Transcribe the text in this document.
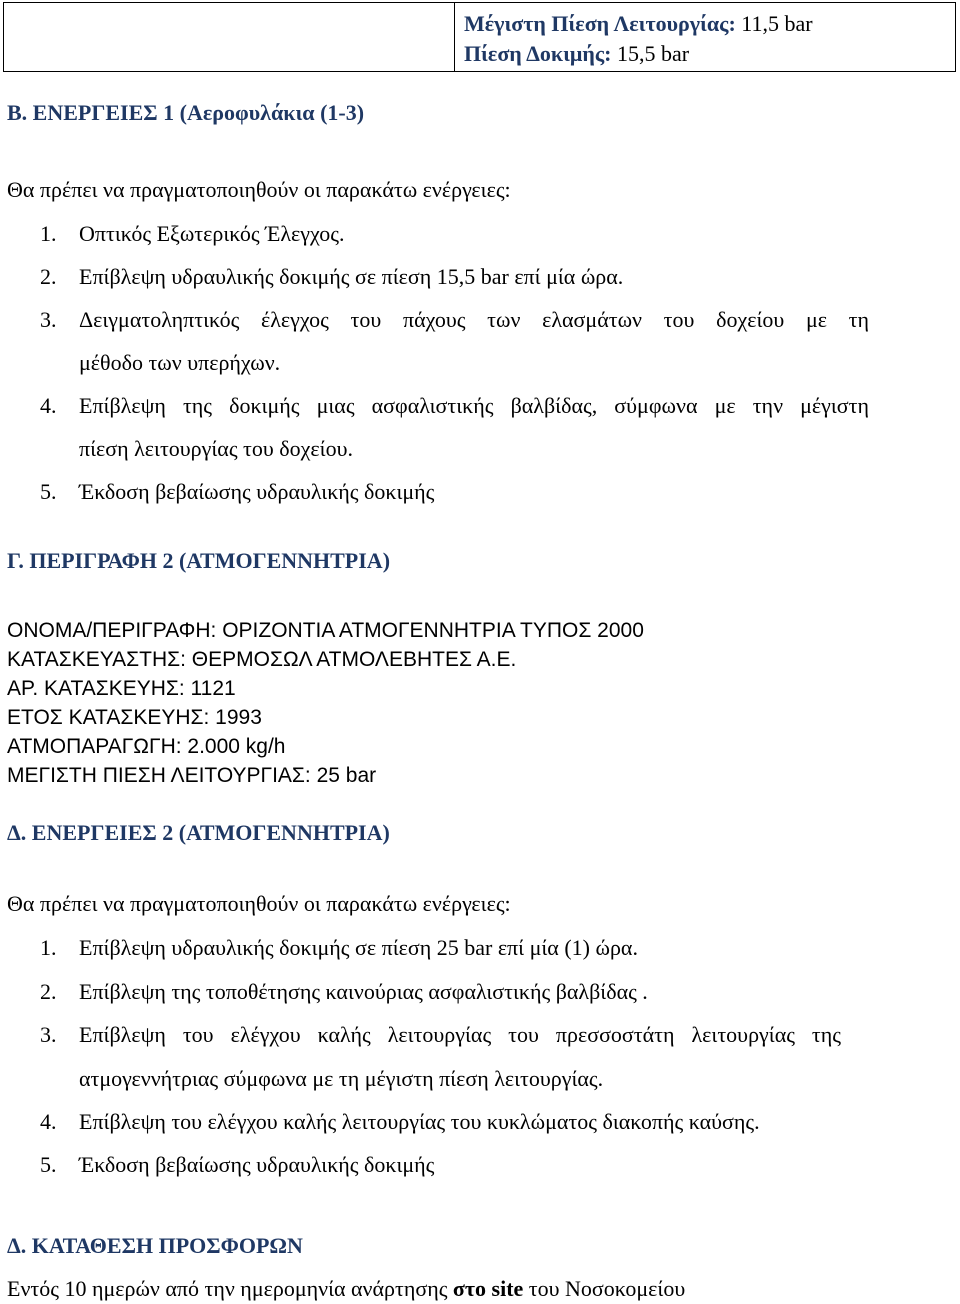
Μέγιστη Πίεση Λειτουργίας: 11,5 bar
Πίεση Δοκιμής: 15,5 bar
Β. ΕΝΕΡΓΕΙΕΣ 1 (Αεροφυλάκια (1-3)
Θα πρέπει να πραγματοποιηθούν οι παρακάτω ενέργειες:
1. Οπτικός Εξωτερικός Έλεγχος.
2. Επίβλεψη υδραυλικής δοκιμής σε πίεση 15,5 bar επί μία ώρα.
3. Δειγματοληπτικός έλεγχος του πάχους των ελασμάτων του δοχείου με τη
μέθοδο των υπερήχων.
4. Επίβλεψη της δοκιμής μιας ασφαλιστικής βαλβίδας, σύμφωνα με την μέγιστη
πίεση λειτουργίας του δοχείου.
5. Έκδοση βεβαίωσης υδραυλικής δοκιμής
Γ. ΠΕΡΙΓΡΑΦΗ 2 (ΑΤΜΟΓΕΝΝΗΤΡΙΑ)
ΟΝΟΜΑ/ΠΕΡΙΓΡΑΦΗ: ΟΡΙΖΟΝΤΙΑ ΑΤΜΟΓΕΝΝΗΤΡΙΑ ΤΥΠΟΣ 2000
ΚΑΤΑΣΚΕΥΑΣΤΗΣ: ΘΕΡΜΟΣΩΛ ΑΤΜΟΛΕΒΗΤΕΣ Α.Ε.
ΑΡ. ΚΑΤΑΣΚΕΥΗΣ: 1121
ΕΤΟΣ ΚΑΤΑΣΚΕΥΗΣ: 1993
ΑΤΜΟΠΑΡΑΓΩΓΗ: 2.000 kg/h
ΜΕΓΙΣΤΗ ΠΙΕΣΗ ΛΕΙΤΟΥΡΓΙΑΣ: 25 bar
Δ. ΕΝΕΡΓΕΙΕΣ 2 (ΑΤΜΟΓΕΝΝΗΤΡΙΑ)
Θα πρέπει να πραγματοποιηθούν οι παρακάτω ενέργειες:
1. Επίβλεψη υδραυλικής δοκιμής σε πίεση 25 bar επί μία (1) ώρα.
2. Επίβλεψη της τοποθέτησης καινούριας ασφαλιστικής βαλβίδας .
3. Επίβλεψη του ελέγχου καλής λειτουργίας του πρεσσοστάτη λειτουργίας της
ατμογεννήτριας σύμφωνα με τη μέγιστη πίεση λειτουργίας.
4. Επίβλεψη του ελέγχου καλής λειτουργίας του κυκλώματος διακοπής καύσης.
5. Έκδοση βεβαίωσης υδραυλικής δοκιμής
Δ. ΚΑΤΑΘΕΣΗ ΠΡΟΣΦΟΡΩΝ
Εντός 10 ημερών από την ημερομηνία ανάρτησης στο site του Νοσοκομείου
